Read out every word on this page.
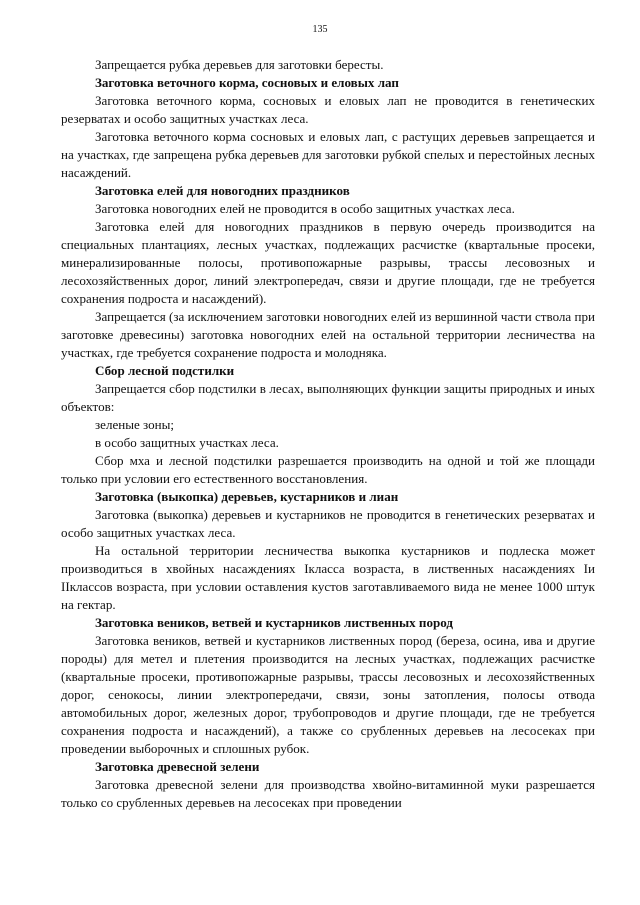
135

Запрещается рубка деревьев для заготовки бересты.

Заготовка веточного корма, сосновых и еловых лап

Заготовка веточного корма, сосновых и еловых лап не проводится в генетических резерватах и особо защитных участках леса.

Заготовка веточного корма сосновых и еловых лап, с растущих деревьев запрещается и на участках, где запрещена рубка деревьев для заготовки рубкой спелых и перестойных лесных насаждений.

Заготовка елей для новогодних праздников

Заготовка новогодних елей не проводится в особо защитных участках леса.

Заготовка елей для новогодних праздников в первую очередь производится на специальных плантациях, лесных участках, подлежащих расчистке (квартальные просеки, минерализированные полосы, противопожарные разрывы, трассы лесовозных и лесохозяйственных дорог, линий электропередач, связи и другие площади, где не требуется сохранения подроста и насаждений).

Запрещается (за исключением заготовки новогодних елей из вершинной части ствола при заготовке древесины) заготовка новогодних елей на остальной территории лесничества на участках, где требуется сохранение подроста и молодняка.

Сбор лесной подстилки

Запрещается сбор подстилки в лесах, выполняющих функции защиты природных и иных объектов:

зеленые зоны;

в особо защитных участках леса.

Сбор мха и лесной подстилки разрешается производить на одной и той же площади только при условии его естественного восстановления.

Заготовка (выкопка) деревьев, кустарников и лиан

Заготовка (выкопка) деревьев и кустарников не проводится в генетических резерватах и особо защитных участках леса.

На остальной территории лесничества выкопка кустарников и подлеска может производиться в хвойных насаждениях Iкласса возраста, в лиственных насаждениях Iи IIклассов возраста, при условии оставления кустов заготавливаемого вида не менее 1000 штук на гектар.

Заготовка веников, ветвей и кустарников лиственных пород

Заготовка веников, ветвей и кустарников лиственных пород (береза, осина, ива и другие породы) для метел и плетения производится на лесных участках, подлежащих расчистке (квартальные просеки, противопожарные разрывы, трассы лесовозных и лесохозяйственных дорог, сенокосы, линии электропередачи, связи, зоны затопления, полосы отвода автомобильных дорог, железных дорог, трубопроводов и другие площади, где не требуется сохранения подроста и насаждений), а также со срубленных деревьев на лесосеках при проведении выборочных и сплошных рубок.

Заготовка древесной зелени

Заготовка древесной зелени для производства хвойно-витаминной муки разрешается только со срубленных деревьев на лесосеках при проведении
